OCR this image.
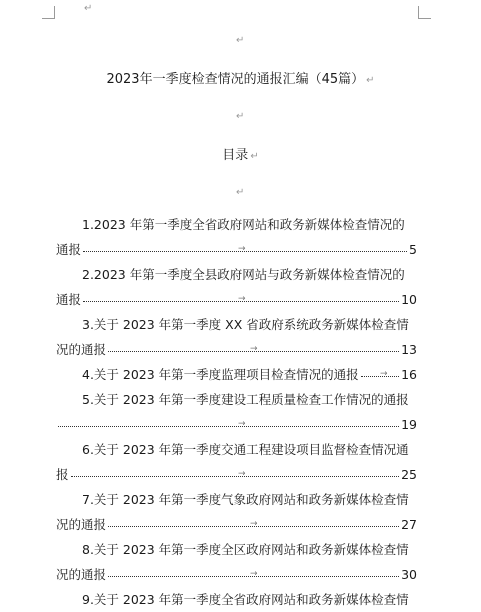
↵
↵
2023年一季度检查情况的通报汇编（45篇） ↵
↵
目录 ↵
↵
1.2023 年第一季度全省政府网站和政务新媒体检查情况的
通报	→	5
2.2023 年第一季度全县政府网站与政务新媒体检查情况的
通报	→	10
3.关于 2023 年第一季度 XX 省政府系统政务新媒体检查情
况的通报	→	13
4.关于 2023 年第一季度监理项目检查情况的通报 → 16
5.关于 2023 年第一季度建设工程质量检查工作情况的通报
→	19
6.关于 2023 年第一季度交通工程建设项目监督检查情况通
报	→	25
7.关于 2023 年第一季度气象政府网站和政务新媒体检查情
况的通报	→	27
8.关于 2023 年第一季度全区政府网站和政务新媒体检查情
况的通报	→	30
9.关于 2023 年第一季度全省政府网站和政务新媒体检查情
